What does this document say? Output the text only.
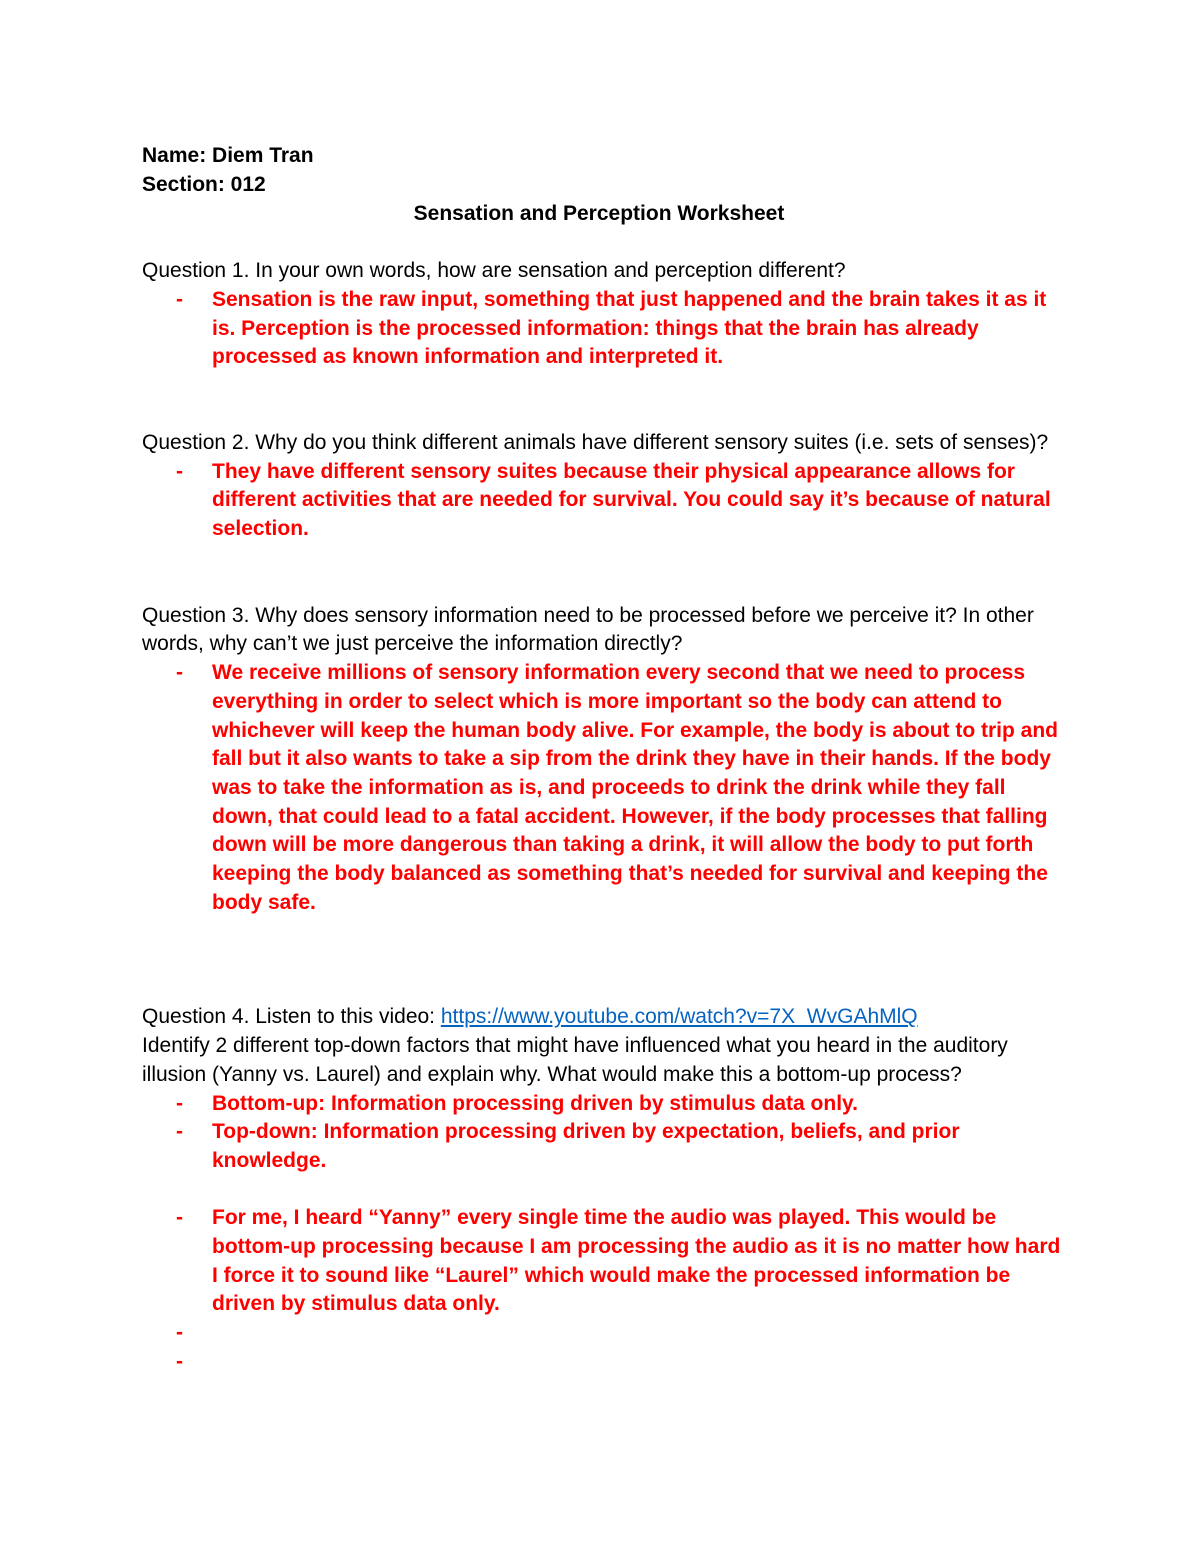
Name: Diem Tran

Section: 012

Sensation and Perception Worksheet

Question 1. In your own words, how are sensation and perception different?

- Sensation is the raw input, something that just happened and the brain takes it as it is. Perception is the processed information: things that the brain has already processed as known information and interpreted it.

Question 2. Why do you think different animals have different sensory suites (i.e. sets of senses)?

- They have different sensory suites because their physical appearance allows for different activities that are needed for survival. You could say it’s because of natural selection.

Question 3. Why does sensory information need to be processed before we perceive it? In other words, why can’t we just perceive the information directly?

- We receive millions of sensory information every second that we need to process everything in order to select which is more important so the body can attend to whichever will keep the human body alive. For example, the body is about to trip and fall but it also wants to take a sip from the drink they have in their hands. If the body was to take the information as is, and proceeds to drink the drink while they fall down, that could lead to a fatal accident. However, if the body processes that falling down will be more dangerous than taking a drink, it will allow the body to put forth keeping the body balanced as something that’s needed for survival and keeping the body safe.

Question 4. Listen to this video: https://www.youtube.com/watch?v=7X_WvGAhMlQ

Identify 2 different top-down factors that might have influenced what you heard in the auditory illusion (Yanny vs. Laurel) and explain why. What would make this a bottom-up process?

- Bottom-up: Information processing driven by stimulus data only.
- Top-down: Information processing driven by expectation, beliefs, and prior knowledge.
- For me, I heard “Yanny” every single time the audio was played. This would be bottom-up processing because I am processing the audio as it is no matter how hard I force it to sound like “Laurel” which would make the processed information be driven by stimulus data only.
-
-
